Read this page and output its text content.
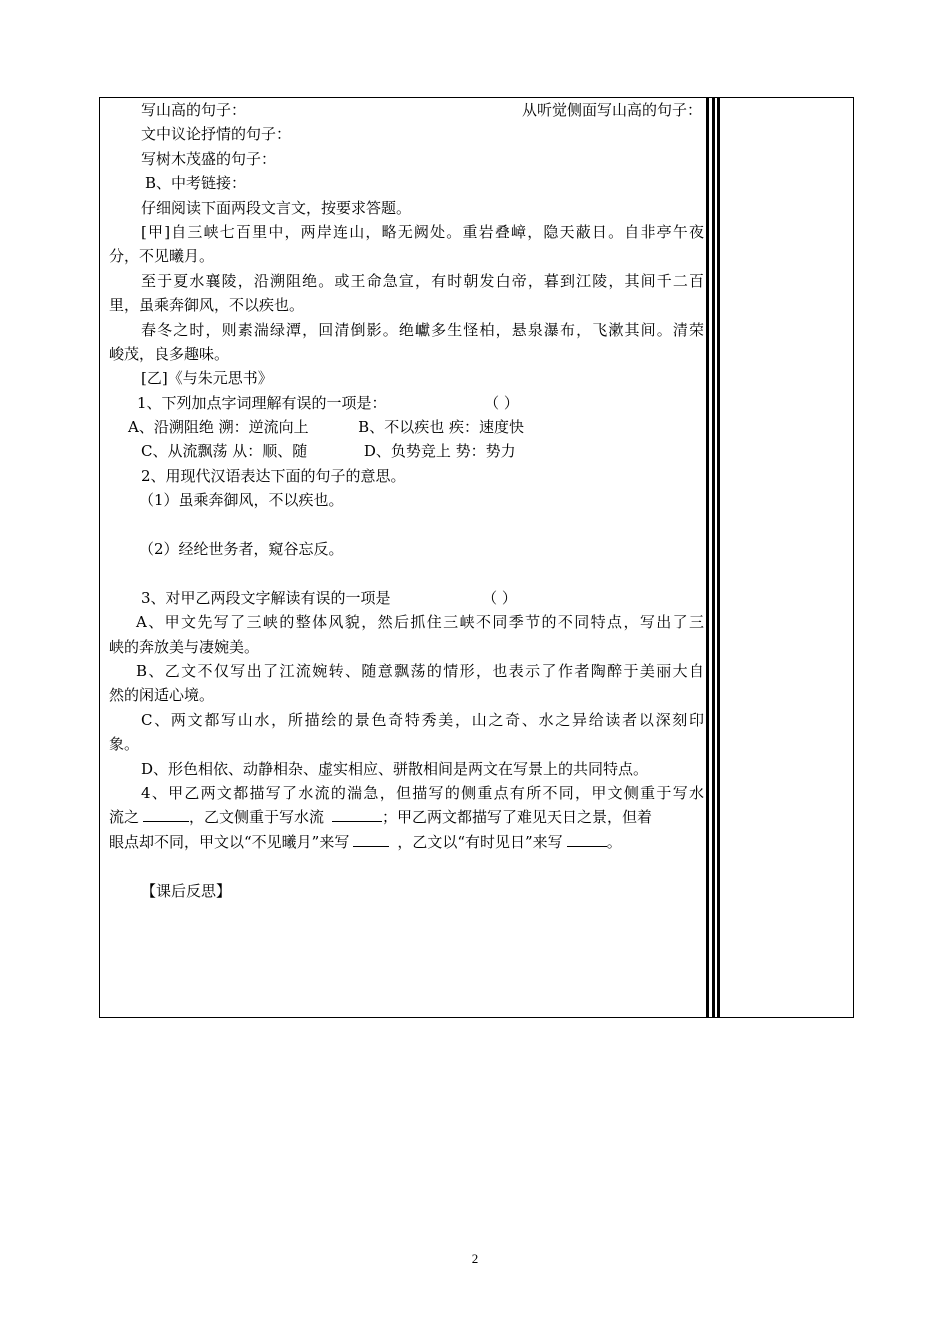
写山高的句子：	从听觉侧面写山高的句子：
文中议论抒情的句子：
写树木茂盛的句子：
B、中考链接：
仔细阅读下面两段文言文，按要求答题。
[甲]自三峡七百里中，两岸连山，略无阙处。重岩叠嶂，隐天蔽日。自非亭午夜
分，不见曦月。
至于夏水襄陵，沿溯阻绝。或王命急宣，有时朝发白帝，暮到江陵，其间千二百
里，虽乘奔御风，不以疾也。
春冬之时，则素湍绿潭，回清倒影。绝巘多生怪柏，悬泉瀑布，飞漱其间。清荣
峻茂，良多趣味。
[乙]《与朱元思书》
1、下列加点字词理解有误的一项是：	（ ）
A、沿溯阻绝 溯：逆流向上	B、不以疾也 疾：速度快
C、从流飘荡 从：顺、随	D、负势竞上 势：势力
2、用现代汉语表达下面的句子的意思。
（1）虽乘奔御风，不以疾也。
（2）经纶世务者，窥谷忘反。
3、对甲乙两段文字解读有误的一项是	（ ）
A、甲文先写了三峡的整体风貌，然后抓住三峡不同季节的不同特点，写出了三
峡的奔放美与凄婉美。
B、乙文不仅写出了江流婉转、随意飘荡的情形，也表示了作者陶醉于美丽大自
然的闲适心境。
C、两文都写山水，所描绘的景色奇特秀美，山之奇、水之异给读者以深刻印
象。
D、形色相依、动静相杂、虚实相应、骈散相间是两文在写景上的共同特点。
4、甲乙两文都描写了水流的湍急，但描写的侧重点有所不同，甲文侧重于写水
流之	，乙文侧重于写水流	；甲乙两文都描写了难见天日之景，但着
眼点却不同，甲文以“不见曦月”来写	，乙文以“有时见日”来写	。
【课后反思】
2
